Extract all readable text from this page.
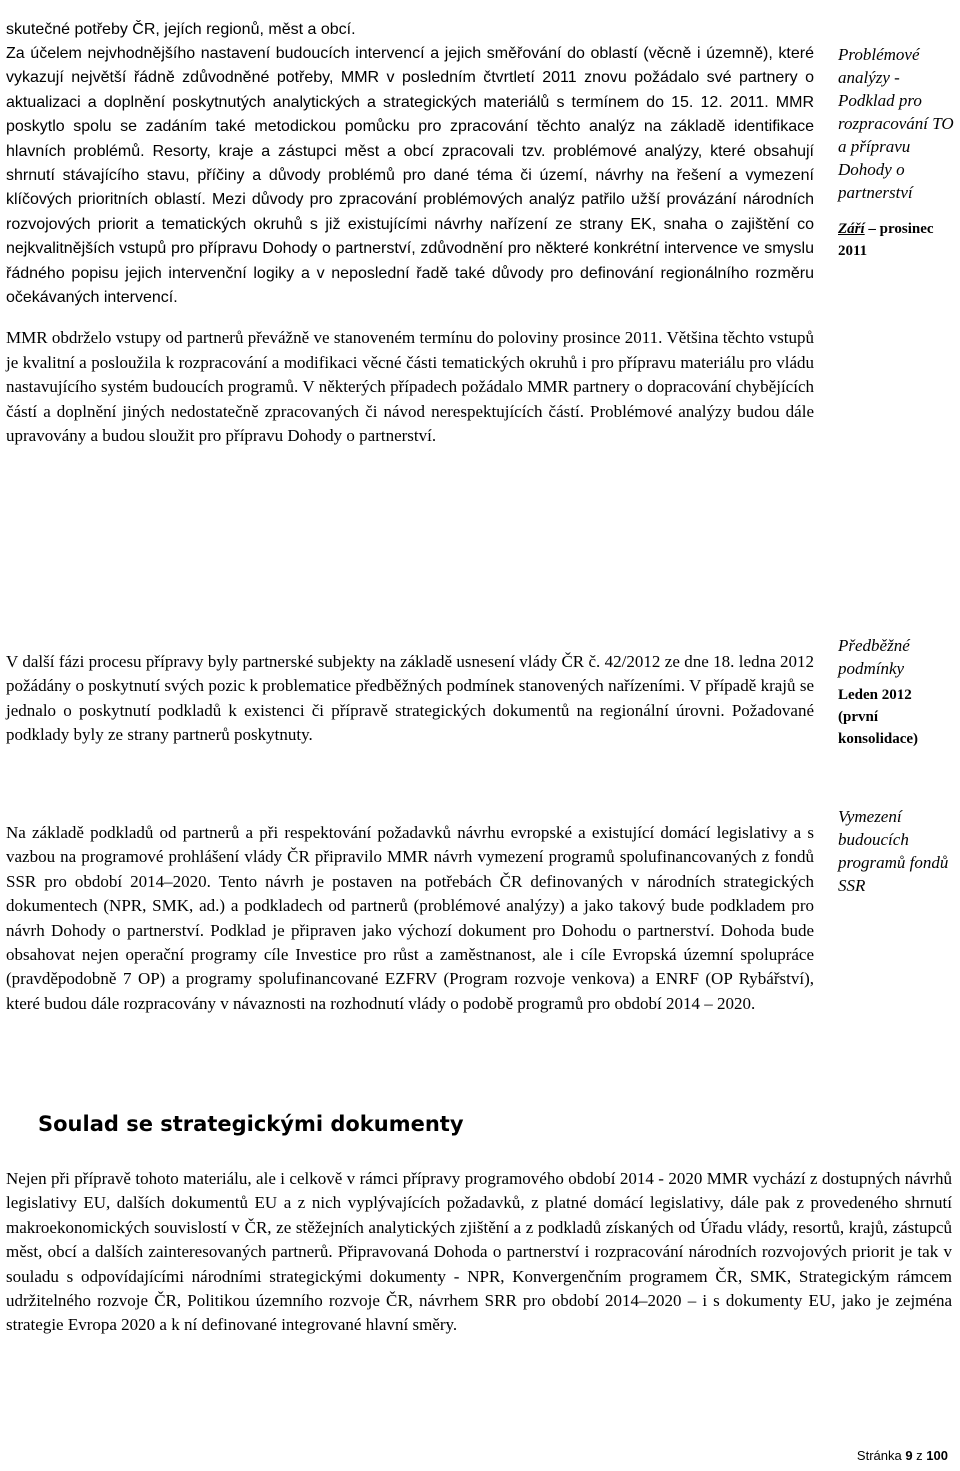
skutečné potřeby ČR, jejích regionů, měst a obcí.

Za účelem nejvhodnějšího nastavení budoucích intervencí a jejich směřování do oblastí (věcně i územně), které vykazují největší řádně zdůvodněné potřeby, MMR v posledním čtvrtletí 2011 znovu požádalo své partnery o aktualizaci a doplnění poskytnutých analytických a strategických materiálů s termínem do 15. 12. 2011. MMR poskytlo spolu se zadáním také metodickou pomůcku pro zpracování těchto analýz na základě identifikace hlavních problémů. Resorty, kraje a zástupci měst a obcí zpracovali tzv. problémové analýzy, které obsahují shrnutí stávajícího stavu, příčiny a důvody problémů pro dané téma či území, návrhy na řešení a vymezení klíčových prioritních oblastí. Mezi důvody pro zpracování problémových analýz patřilo užší provázání národních rozvojových priorit a tematických okruhů s již existujícími návrhy nařízení ze strany EK, snaha o zajištění co nejkvalitnějších vstupů pro přípravu Dohody o partnerství, zdůvodnění pro některé konkrétní intervence ve smyslu řádného popisu jejich intervenční logiky a v neposlední řadě také důvody pro definování regionálního rozměru očekávaných intervencí.

MMR obdrželo vstupy od partnerů převážně ve stanoveném termínu do poloviny prosince 2011. Většina těchto vstupů je kvalitní a posloužila k rozpracování a modifikaci věcné části tematických okruhů i pro přípravu materiálu pro vládu nastavujícího systém budoucích programů. V některých případech požádalo MMR partnery o dopracování chybějících částí a doplnění jiných nedostatečně zpracovaných či návod nerespektujících částí. Problémové analýzy budou dále upravovány a budou sloužit pro přípravu Dohody o partnerství.

Problémové analýzy - Podklad pro rozpracování TO a přípravu Dohody o partnerství
Září – prosinec 2011

V další fázi procesu přípravy byly partnerské subjekty na základě usnesení vlády ČR č. 42/2012 ze dne 18. ledna 2012 požádány o poskytnutí svých pozic k problematice předběžných podmínek stanovených nařízeními. V případě krajů se jednalo o poskytnutí podkladů k existenci či přípravě strategických dokumentů na regionální úrovni. Požadované podklady byly ze strany partnerů poskytnuty.

Předběžné podmínky
Leden 2012
(první konsolidace)

Na základě podkladů od partnerů a při respektování požadavků návrhu evropské a existující domácí legislativy a s vazbou na programové prohlášení vlády ČR připravilo MMR návrh vymezení programů spolufinancovaných z fondů SSR pro období 2014–2020. Tento návrh je postaven na potřebách ČR definovaných v národních strategických dokumentech (NPR, SMK, ad.) a podkladech od partnerů (problémové analýzy) a jako takový bude podkladem pro návrh Dohody o partnerství. Podklad je připraven jako výchozí dokument pro Dohodu o partnerství. Dohoda bude obsahovat nejen operační programy cíle Investice pro růst a zaměstnanost, ale i cíle Evropská územní spolupráce (pravděpodobně 7 OP) a programy spolufinancované EZFRV (Program rozvoje venkova) a ENRF (OP Rybářství), které budou dále rozpracovány v návaznosti na rozhodnutí vlády o podobě programů pro období 2014 – 2020.

Vymezení budoucích programů fondů SSR
Soulad se strategickými dokumenty

Nejen při přípravě tohoto materiálu, ale i celkově v rámci přípravy programového období 2014 - 2020 MMR vychází z dostupných návrhů legislativy EU, dalších dokumentů EU a z nich vyplývajících požadavků, z platné domácí legislativy, dále pak z provedeného shrnutí makroekonomických souvislostí v ČR, ze stěžejních analytických zjištění a z podkladů získaných od Úřadu vlády, resortů, krajů, zástupců měst, obcí a dalších zainteresovaných partnerů. Připravovaná Dohoda o partnerství i rozpracování národních rozvojových priorit je tak v souladu s odpovídajícími národními strategickými dokumenty - NPR, Konvergenčním programem ČR, SMK, Strategickým rámcem udržitelného rozvoje ČR, Politikou územního rozvoje ČR, návrhem SRR pro období 2014–2020 – i s dokumenty EU, jako je zejména strategie Evropa 2020 a k ní definované integrované hlavní směry.

Stránka 9 z 100
